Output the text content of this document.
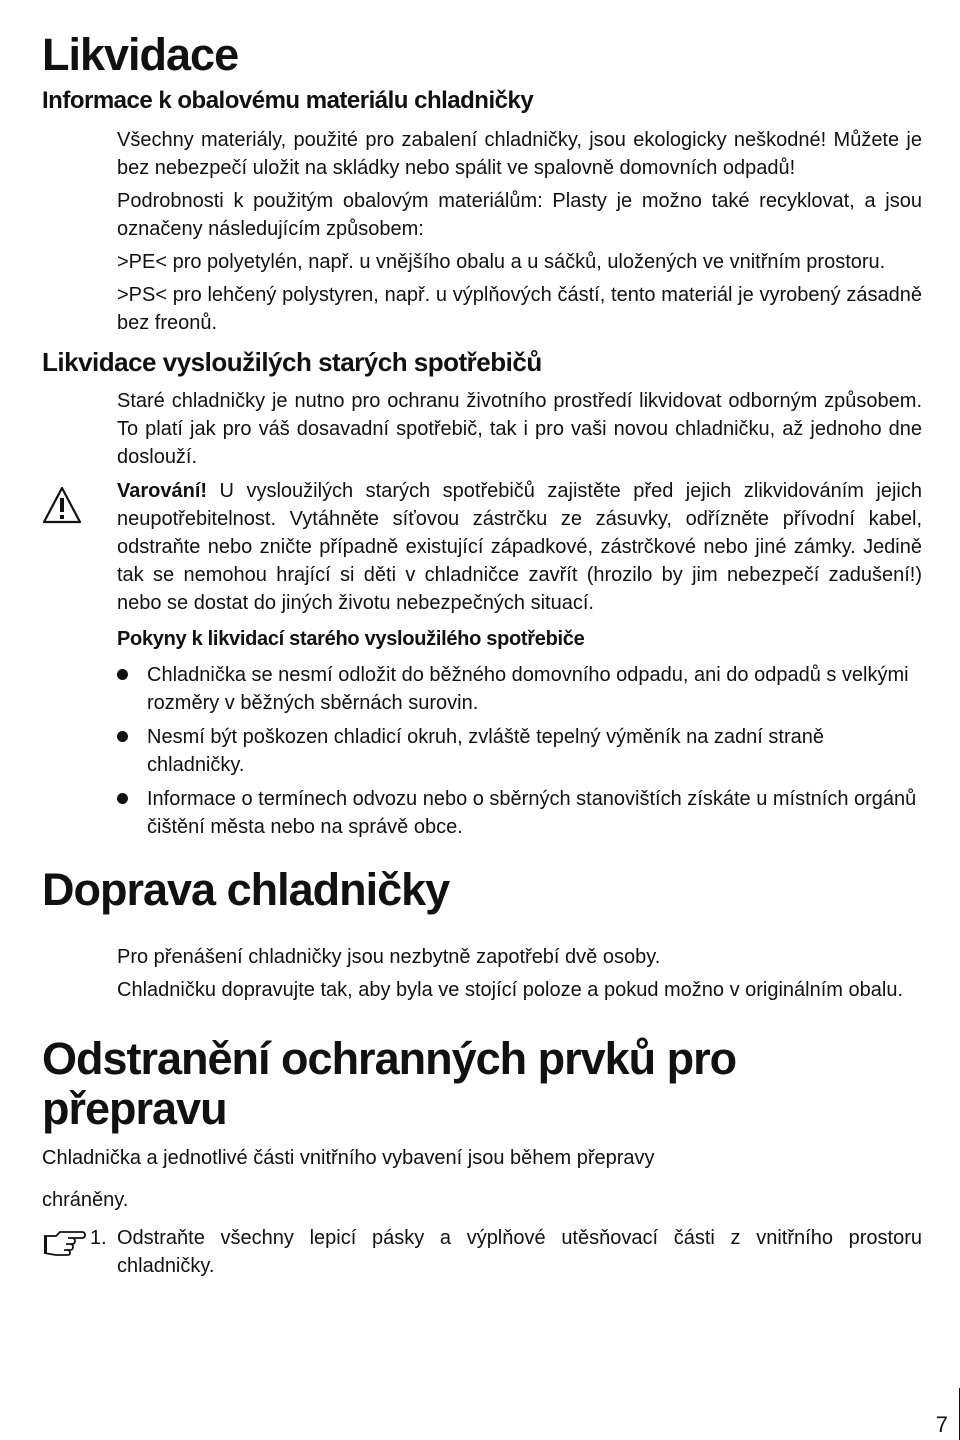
Likvidace
Informace k obalovému materiálu chladničky

Všechny materiály, použité pro zabalení chladničky, jsou ekologicky neškodné! Můžete je bez nebezpečí uložit na skládky nebo spálit ve spalovně domovních odpadů!

Podrobnosti k použitým obalovým materiálům: Plasty je možno také recyklovat, a jsou označeny následujícím způsobem:

>PE< pro polyetylén, např. u vnějšího obalu a u sáčků, uložených ve vnitřním prostoru.

>PS< pro lehčený polystyren, např. u výplňových částí, tento materiál je vyrobený zásadně bez freonů.

Likvidace vysloužilých starých spotřebičů

Staré chladničky je nutno pro ochranu životního prostředí likvidovat odborným způsobem. To platí jak pro váš dosavadní spotřebič, tak i pro vaši novou chladničku, až jednoho dne doslouží.

Varování! U vysloužilých starých spotřebičů zajistěte před jejich zlikvidováním jejich neupotřebitelnost. Vytáhněte síťovou zástrčku ze zásuvky, odřízněte přívodní kabel, odstraňte nebo zničte případně existující západkové, zástrčkové nebo jiné zámky. Jedině tak se nemohou hrající si děti v chladničce zavřít (hrozilo by jim nebezpečí zadušení!) nebo se dostat do jiných životu nebezpečných situací.

Pokyny k likvidací starého vysloužilého spotřebiče
Chladnička se nesmí odložit do běžného domovního odpadu, ani do odpadů s velkými rozměry v běžných sběrnách surovin.
Nesmí být poškozen chladicí okruh, zvláště tepelný výměník na zadní straně chladničky.
Informace o termínech odvozu nebo o sběrných stanovištích získáte u místních orgánů čištění města nebo na správě obce.
Doprava chladničky

Pro přenášení chladničky jsou nezbytně zapotřebí dvě osoby.

Chladničku dopravujte tak, aby byla ve stojící poloze a pokud možno v originálním obalu.

Odstranění ochranných prvků pro přepravu

Chladnička a jednotlivé části vnitřního vybavení jsou během přepravy

chráněny.

1. Odstraňte všechny lepicí pásky a výplňové utěsňovací části z vnitřního prostoru chladničky.

7
